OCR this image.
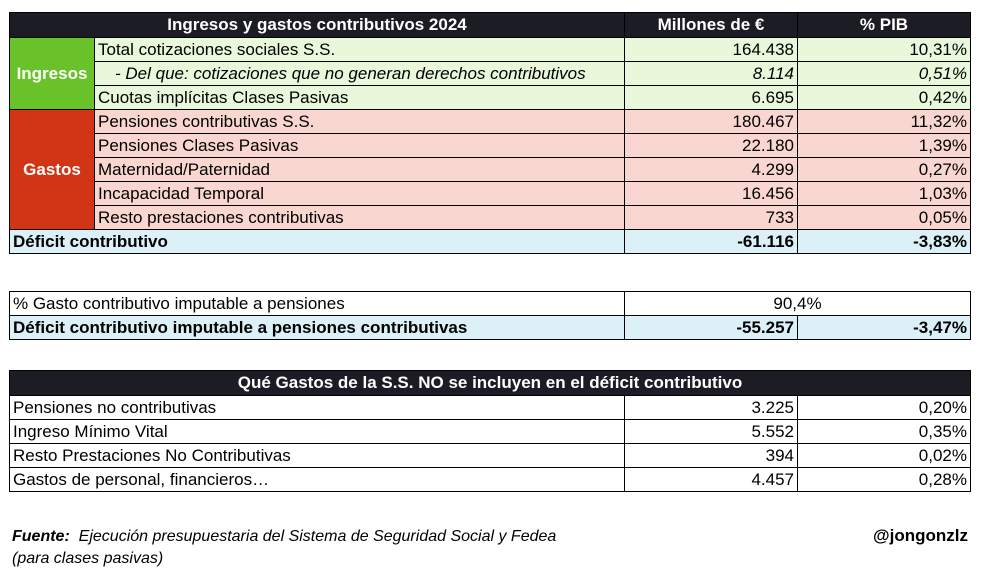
Ingresos y gastos contributivos 2024		Millones de €	% PIB
Ingresos	Total cotizaciones sociales S.S.	164.438	10,31%
	- Del que: cotizaciones que no generan derechos contributivos	8.114	0,51%
	Cuotas implícitas Clases Pasivas	6.695	0,42%
Gastos	Pensiones contributivas S.S.	180.467	11,32%
	Pensiones Clases Pasivas	22.180	1,39%
	Maternidad/Paternidad	4.299	0,27%
	Incapacidad Temporal	16.456	1,03%
	Resto prestaciones contributivas	733	0,05%
Déficit contributivo		-61.116	-3,83%
% Gasto contributivo imputable a pensiones	90,4%	
Déficit contributivo imputable a pensiones contributivas	-55.257	-3,47%
Qué Gastos de la S.S. NO se incluyen en el déficit contributivo		
Pensiones no contributivas	3.225	0,20%
Ingreso Mínimo Vital	5.552	0,35%
Resto Prestaciones No Contributivas	394	0,02%
Gastos de personal, financieros…	4.457	0,28%
Fuente: Ejecución presupuestaria del Sistema de Seguridad Social y Fedea
(para clases pasivas)
@jongonzlz
